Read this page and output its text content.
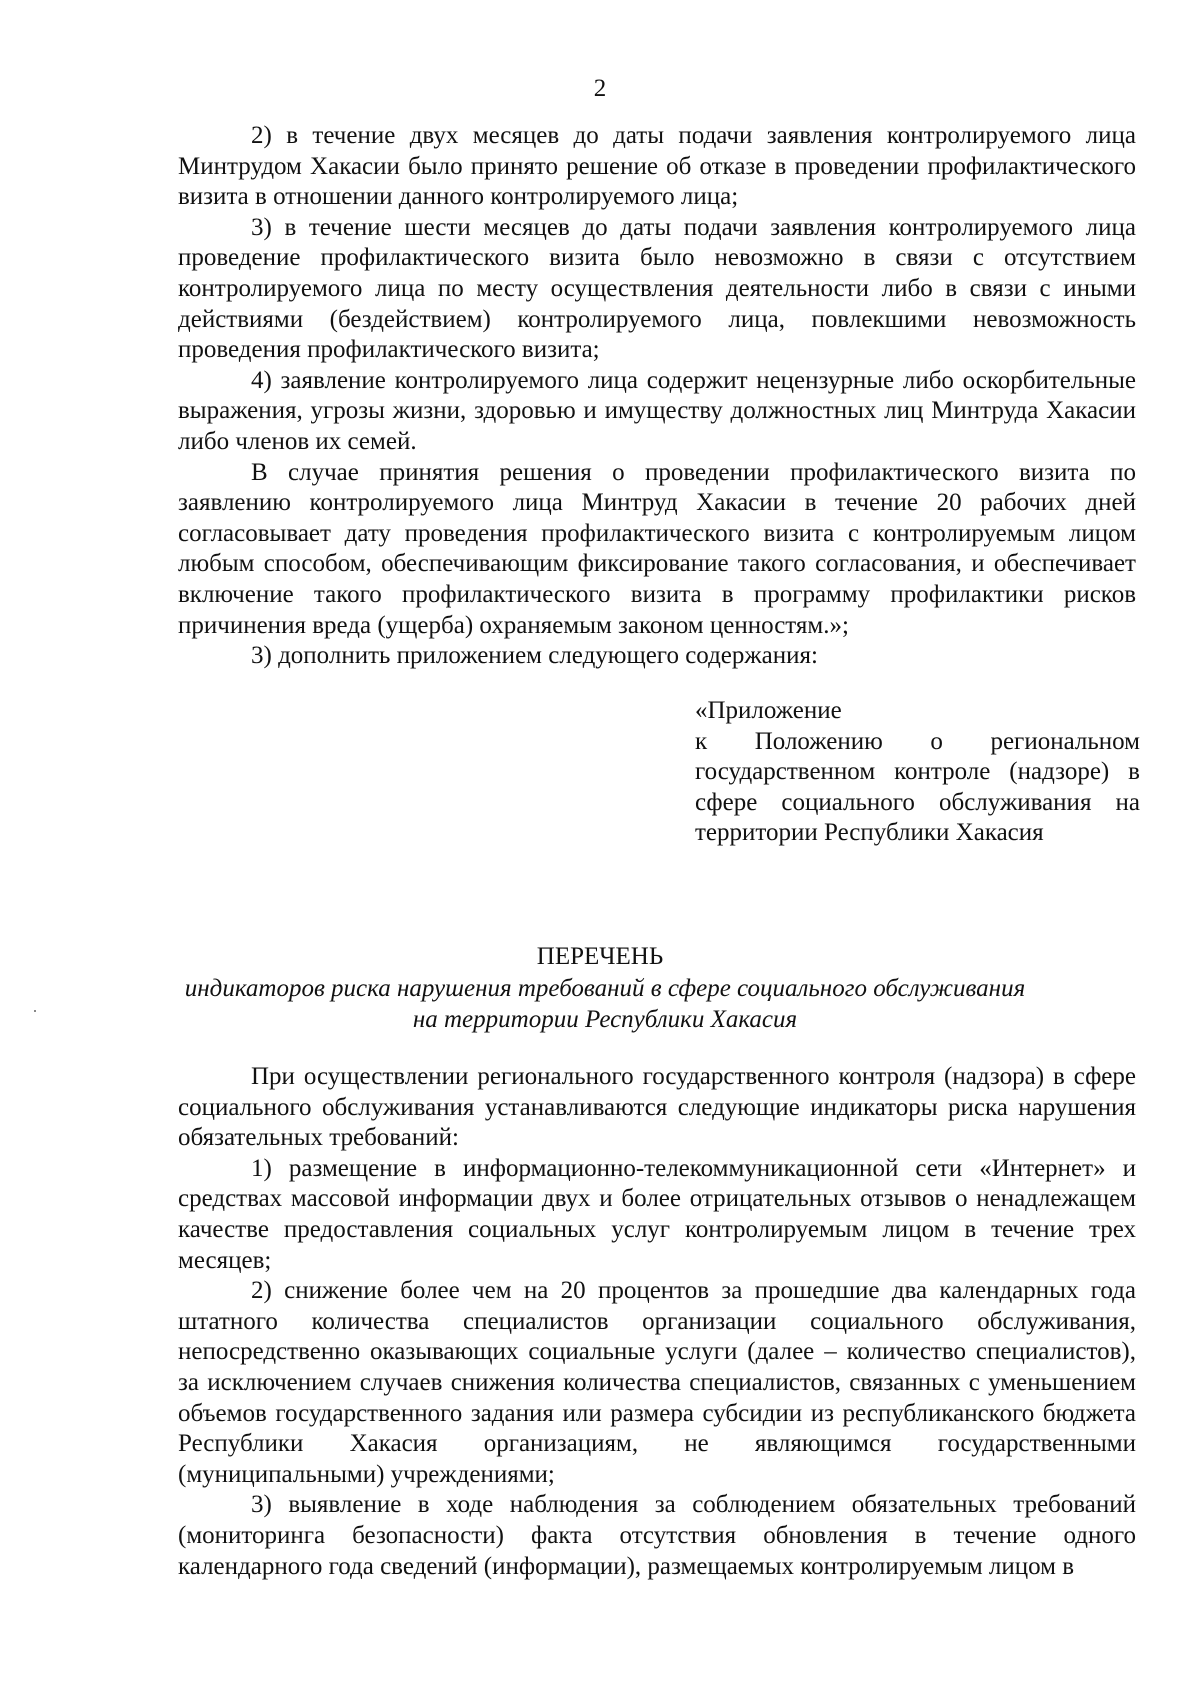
2

2) в течение двух месяцев до даты подачи заявления контролируемого лица Минтрудом Хакасии было принято решение об отказе в проведении профилактического визита в отношении данного контролируемого лица;

3) в течение шести месяцев до даты подачи заявления контролируемого лица проведение профилактического визита было невозможно в связи с отсутствием контролируемого лица по месту осуществления деятельности либо в связи с иными действиями (бездействием) контролируемого лица, повлекшими невозможность проведения профилактического визита;

4) заявление контролируемого лица содержит нецензурные либо оскорбительные выражения, угрозы жизни, здоровью и имуществу должностных лиц Минтруда Хакасии либо членов их семей.

В случае принятия решения о проведении профилактического визита по заявлению контролируемого лица Минтруд Хакасии в течение 20 рабочих дней согласовывает дату проведения профилактического визита с контролируемым лицом любым способом, обеспечивающим фиксирование такого согласования, и обеспечивает включение такого профилактического визита в программу профилактики рисков причинения вреда (ущерба) охраняемым законом ценностям.»;

3) дополнить приложением следующего содержания:

«Приложение

к Положению о региональном государственном контроле (надзоре) в сфере социального обслуживания на территории Республики Хакасия

ПЕРЕЧЕНЬ
индикаторов риска нарушения требований в сфере социального обслуживания
на территории Республики Хакасия

При осуществлении регионального государственного контроля (надзора) в сфере социального обслуживания устанавливаются следующие индикаторы риска нарушения обязательных требований:

1) размещение в информационно-телекоммуникационной сети «Интернет» и средствах массовой информации двух и более отрицательных отзывов о ненадлежащем качестве предоставления социальных услуг контролируемым лицом в течение трех месяцев;

2) снижение более чем на 20 процентов за прошедшие два календарных года штатного количества специалистов организации социального обслуживания, непосредственно оказывающих социальные услуги (далее – количество специалистов), за исключением случаев снижения количества специалистов, связанных с уменьшением объемов государственного задания или размера субсидии из республиканского бюджета Республики Хакасия организациям, не являющимся государственными (муниципальными) учреждениями;

3) выявление в ходе наблюдения за соблюдением обязательных требований (мониторинга безопасности) факта отсутствия обновления в течение одного календарного года сведений (информации), размещаемых контролируемым лицом в
